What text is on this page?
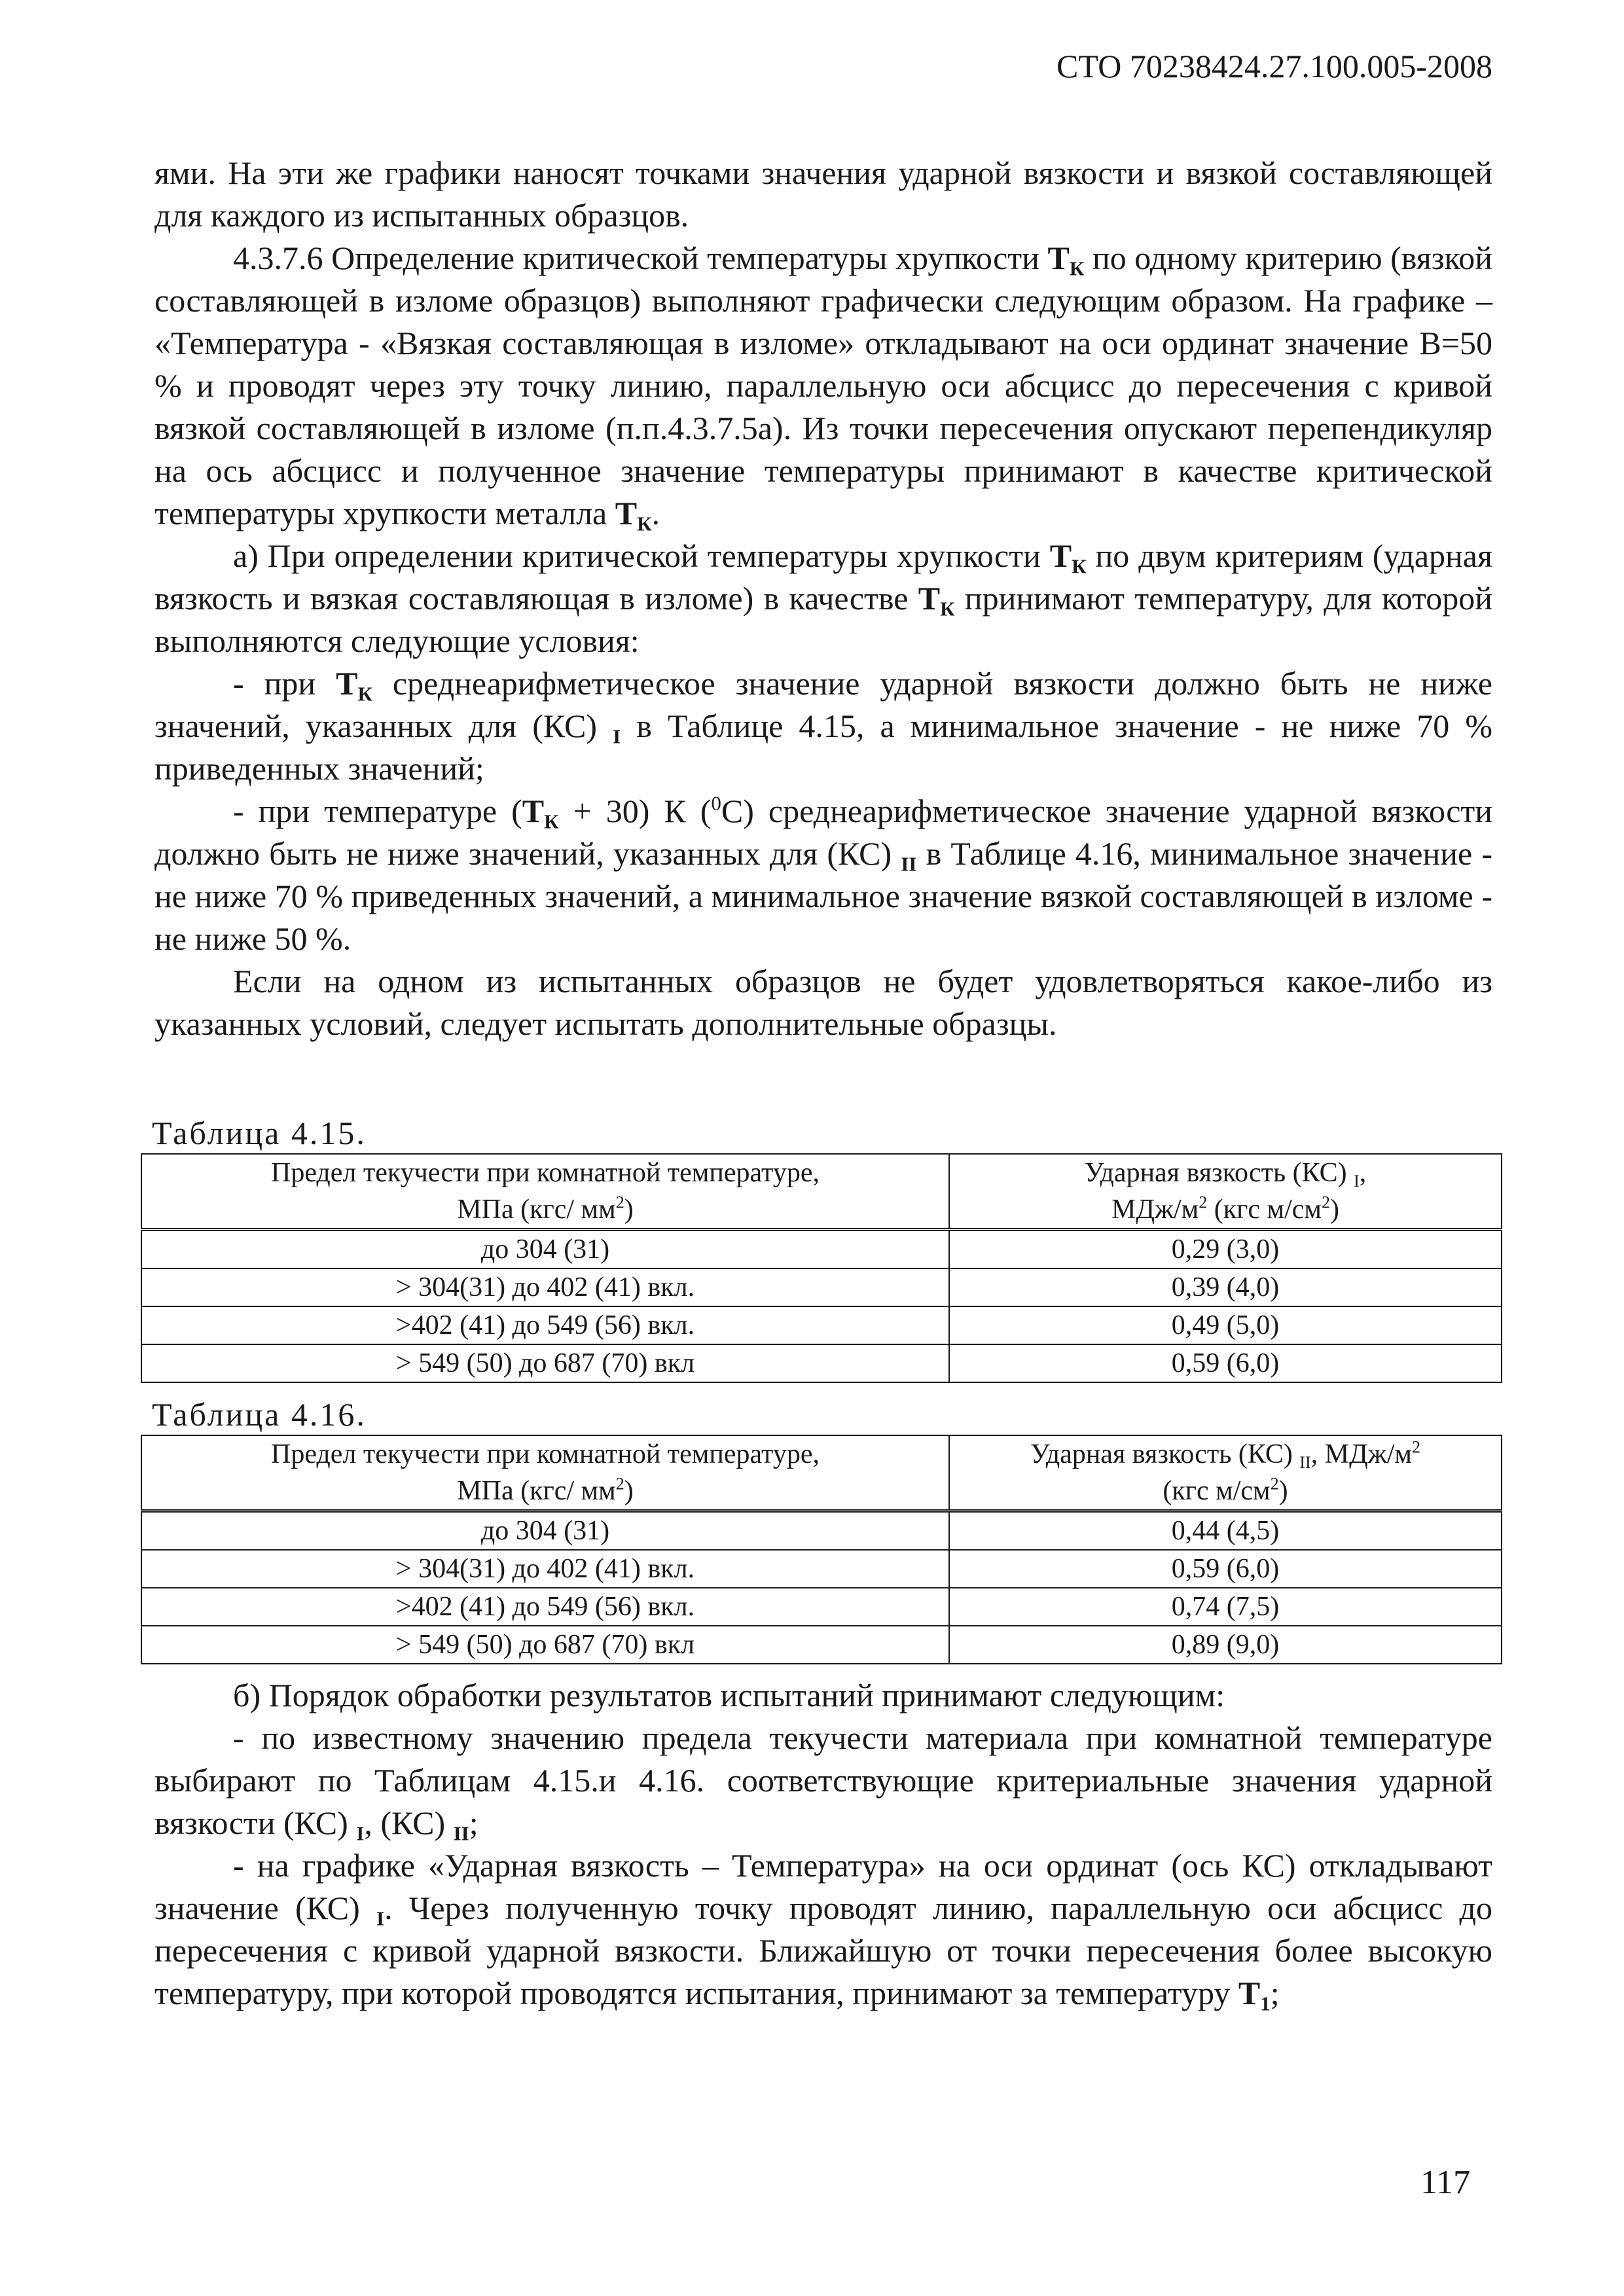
СТО 70238424.27.100.005-2008

ями. На эти же графики наносят точками значения ударной вязкости и вязкой составляющей для каждого из испытанных образцов.

4.3.7.6 Определение критической температуры хрупкости $T_К$ по одному критерию (вязкой составляющей в изломе образцов) выполняют графически следующим образом. На графике – «Температура - «Вязкая составляющая в изломе» откладывают на оси ординат значение В=50 % и проводят через эту точку линию, параллельную оси абсцисс до пересечения с кривой вязкой составляющей в изломе (п.п.4.3.7.5а). Из точки пересечения опускают перепендикуляр на ось абсцисс и полученное значение температуры принимают в качестве критической температуры хрупкости металла $T_К$.

а) При определении критической температуры хрупкости $T_К$ по двум критериям (ударная вязкость и вязкая составляющая в изломе) в качестве $T_К$ принимают температуру, для которой выполняются следующие условия:

- при $T_К$ среднеарифметическое значение ударной вязкости должно быть не ниже значений, указанных для (КС) $_I$ в Таблице 4.15, а минимальное значение - не ниже 70 % приведенных значений;

- при температуре $(T_К + 30)$ К ($^0$С) среднеарифметическое значение ударной вязкости должно быть не ниже значений, указанных для (КС) $_{II}$ в Таблице 4.16, минимальное значение - не ниже 70 % приведенных значений, а минимальное значение вязкой составляющей в изломе - не ниже 50 %.

Если на одном из испытанных образцов не будет удовлетворяться какое-либо из указанных условий, следует испытать дополнительные образцы.

Таблица 4.15.
Предел текучести при комнатной температуре,
МПа (кгс/ $мм^2$)	Ударная вязкость (КС) $_I$,
МДж/$м^2$ (кгс $м/см^2$)
до 304 (31)	0,29 (3,0)
> 304(31) до 402 (41) вкл.	0,39 (4,0)
>402 (41) до 549 (56) вкл.	0,49 (5,0)
> 549 (50) до 687 (70) вкл	0,59 (6,0)
Таблица 4.16.
Предел текучести при комнатной температуре,
МПа (кгс/ $мм^2$)	Ударная вязкость (КС) $_{II}$, МДж/$м^2$
(кгс $м/см^2$)
до 304 (31)	0,44 (4,5)
> 304(31) до 402 (41) вкл.	0,59 (6,0)
>402 (41) до 549 (56) вкл.	0,74 (7,5)
> 549 (50) до 687 (70) вкл	0,89 (9,0)

б) Порядок обработки результатов испытаний принимают следующим:

- по известному значению предела текучести материала при комнатной температуре выбирают по Таблицам 4.15.и 4.16. соответствующие критериальные значения ударной вязкости (КС) $_I$, (КС) $_{II}$;

- на графике «Ударная вязкость – Температура» на оси ординат (ось КС) откладывают значение (КС) $_I$. Через полученную точку проводят линию, параллельную оси абсцисс до пересечения с кривой ударной вязкости. Ближайшую от точки пересечения более высокую температуру, при которой проводятся испытания, принимают за температуру $T_1$;

117
